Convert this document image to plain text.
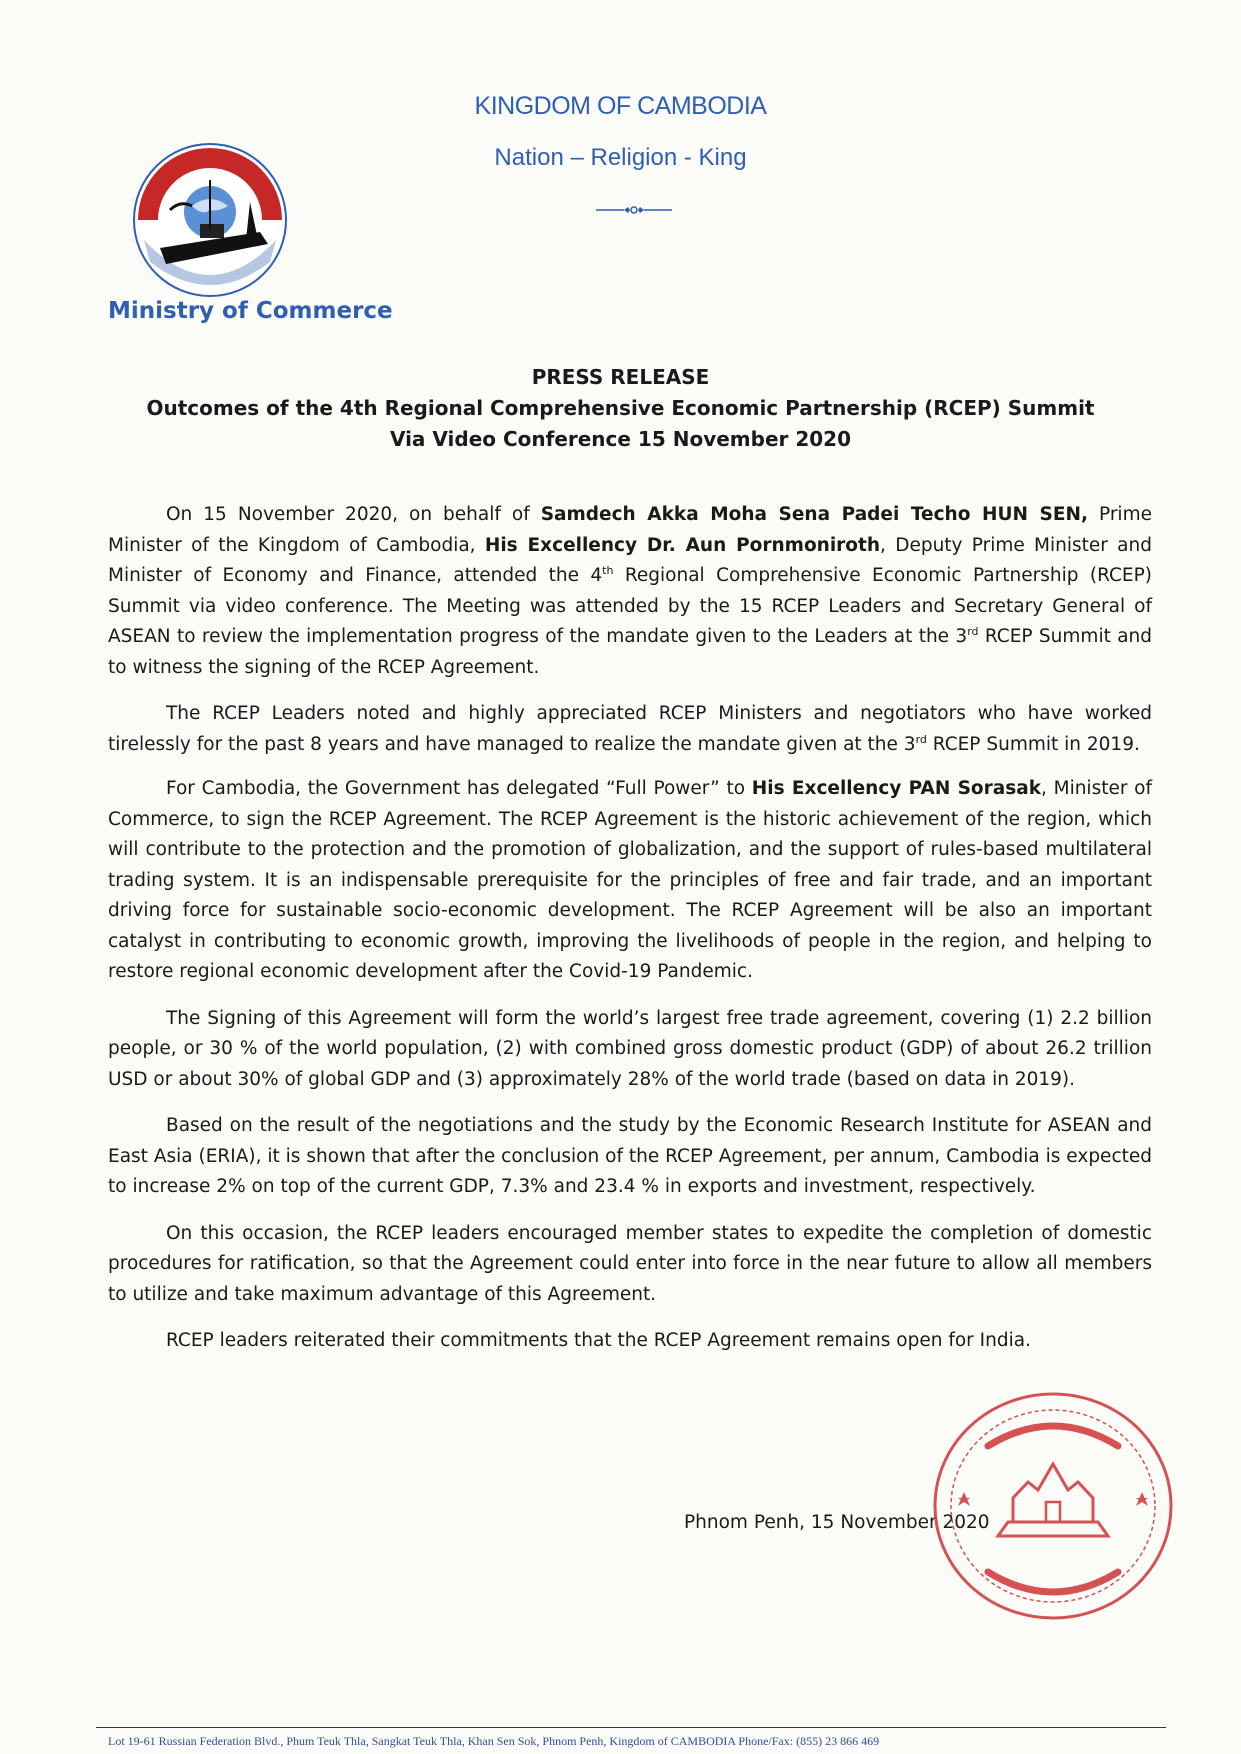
KINGDOM OF CAMBODIA
Nation – Religion - King
Ministry of Commerce
PRESS RELEASE
Outcomes of the 4th Regional Comprehensive Economic Partnership (RCEP) Summit
Via Video Conference 15 November 2020

On 15 November 2020, on behalf of Samdech Akka Moha Sena Padei Techo HUN SEN, Prime Minister of the Kingdom of Cambodia, His Excellency Dr. Aun Pornmoniroth, Deputy Prime Minister and Minister of Economy and Finance, attended the 4th Regional Comprehensive Economic Partnership (RCEP) Summit via video conference. The Meeting was attended by the 15 RCEP Leaders and Secretary General of ASEAN to review the implementation progress of the mandate given to the Leaders at the 3rd RCEP Summit and to witness the signing of the RCEP Agreement.

The RCEP Leaders noted and highly appreciated RCEP Ministers and negotiators who have worked tirelessly for the past 8 years and have managed to realize the mandate given at the 3rd RCEP Summit in 2019.

For Cambodia, the Government has delegated “Full Power” to His Excellency PAN Sorasak, Minister of Commerce, to sign the RCEP Agreement. The RCEP Agreement is the historic achievement of the region, which will contribute to the protection and the promotion of globalization, and the support of rules-based multilateral trading system. It is an indispensable prerequisite for the principles of free and fair trade, and an important driving force for sustainable socio-economic development. The RCEP Agreement will be also an important catalyst in contributing to economic growth, improving the livelihoods of people in the region, and helping to restore regional economic development after the Covid-19 Pandemic.

The Signing of this Agreement will form the world’s largest free trade agreement, covering (1) 2.2 billion people, or 30 % of the world population, (2) with combined gross domestic product (GDP) of about 26.2 trillion USD or about 30% of global GDP and (3) approximately 28% of the world trade (based on data in 2019).

Based on the result of the negotiations and the study by the Economic Research Institute for ASEAN and East Asia (ERIA), it is shown that after the conclusion of the RCEP Agreement, per annum, Cambodia is expected to increase 2% on top of the current GDP, 7.3% and 23.4 % in exports and investment, respectively.

On this occasion, the RCEP leaders encouraged member states to expedite the completion of domestic procedures for ratification, so that the Agreement could enter into force in the near future to allow all members to utilize and take maximum advantage of this Agreement.

RCEP leaders reiterated their commitments that the RCEP Agreement remains open for India.

Phnom Penh, 15 November 2020
Lot 19-61 Russian Federation Blvd., Phum Teuk Thla, Sangkat Teuk Thla, Khan Sen Sok, Phnom Penh, Kingdom of CAMBODIA Phone/Fax: (855) 23 866 469
